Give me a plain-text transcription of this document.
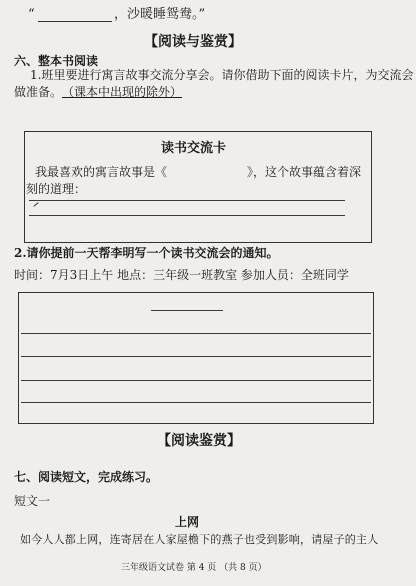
“	，沙暖睡鸳鸯。”
【阅读与鉴赏】
六、整本书阅读
1.班里要进行寓言故事交流分享会。请你借助下面的阅读卡片，为交流会
做准备。 （课本中出现的除外）
读书交流卡
我最喜欢的寓言故事是《	》，这个故事蕴含着深
刻的道理：
2.请你提前一天帮李明写一个读书交流会的通知。
时间：7月3日上午 地点：三年级一班教室 参加人员：全班同学
【阅读鉴赏】
七、阅读短文，完成练习。
短文一
上网
如今人人都上网，连寄居在人家屋檐下的燕子也受到影响，请屋子的主人
三年级语文试卷 第 4 页 （共 8 页）
